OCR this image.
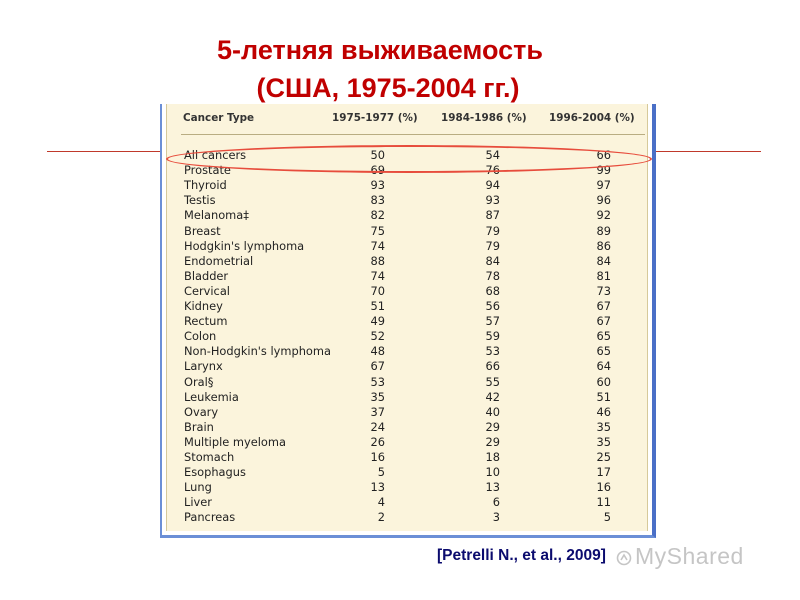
5-летняя выживаемость
(США, 1975-2004 гг.)
Cancer Type	1975-1977 (%) 1984-1986 (%) 1996-2004 (%)
All cancers	50	54	66
Prostate	69	76	99
Thyroid	93	94	97
Testis	83	93	96
Melanoma‡	82	87	92
Breast	75	79	89
Hodgkin's lymphoma	74	79	86
Endometrial	88	84	84
Bladder	74	78	81
Cervical	70	68	73
Kidney	51	56	67
Rectum	49	57	67
Colon	52	59	65
Non-Hodgkin's lymphoma	48	53	65
Larynx	67	66	64
Oral§	53	55	60
Leukemia	35	42	51
Ovary	37	40	46
Brain	24	29	35
Multiple myeloma	26	29	35
Stomach	16	18	25
Esophagus	5	10	17
Lung	13	13	16
Liver	4	6	11
Pancreas	2	3	5
[Petrelli N., et al., 2009]	MyShared
